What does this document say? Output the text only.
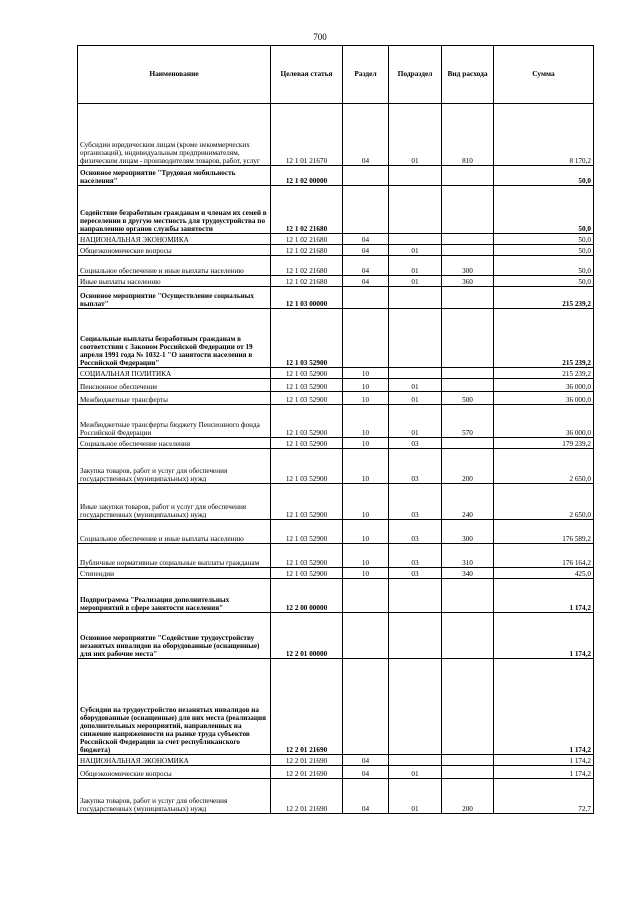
700
Наименование	Целевая статья	Раздел	Подраздел	Вид расхода	Сумма
Субсидии юридическим лицам (кроме некоммерческих организаций), индивидуальным предпринимателям, физическим лицам - производителям товаров, работ, услуг	12 1 01 21670	04	01	810	8 170,2
Основное мероприятие "Трудовая мобильность населения"	12 1 02 00000				50,0
Содействие безработным гражданам и членам их семей в переселении в другую местность для трудоустройства по направлению органов службы занятости	12 1 02 21680				50,0
НАЦИОНАЛЬНАЯ ЭКОНОМИКА	12 1 02 21680	04			50,0
Общеэкономические вопросы	12 1 02 21680	04	01		50,0
Социальное обеспечение и иные выплаты населению	12 1 02 21680	04	01	300	50,0
Иные выплаты населению	12 1 02 21680	04	01	360	50,0
Основное мероприятие "Осуществление социальных выплат"	12 1 03 00000				215 239,2
Социальные выплаты безработным гражданам в соответствии с Законом Российской Федерации от 19 апреля 1991 года № 1032-1 "О занятости населения в Российской Федерации"	12 1 03 52900				215 239,2
СОЦИАЛЬНАЯ ПОЛИТИКА	12 1 03 52900	10			215 239,2
Пенсионное обеспечение	12 1 03 52900	10	01		36 000,0
Межбюджетные трансферты	12 1 03 52900	10	01	500	36 000,0
Межбюджетные трансферты бюджету Пенсионного фонда Российской Федерации	12 1 03 52900	10	01	570	36 000,0
Социальное обеспечение населения	12 1 03 52900	10	03		179 239,2
Закупка товаров, работ и услуг для обеспечения государственных (муниципальных) нужд	12 1 03 52900	10	03	200	2 650,0
Иные закупки товаров, работ и услуг для обеспечения государственных (муниципальных) нужд	12 1 03 52900	10	03	240	2 650,0
Социальное обеспечение и иные выплаты населению	12 1 03 52900	10	03	300	176 589,2
Публичные нормативные социальные выплаты гражданам	12 1 03 52900	10	03	310	176 164,2
Стипендии	12 1 03 52900	10	03	340	425,0
Подпрограмма "Реализация дополнительных мероприятий в сфере занятости населения"	12 2 00 00000				1 174,2
Основное мероприятие "Содействие трудоустройству незанятых инвалидов на оборудованные (оснащенные) для них рабочие места"	12 2 01 00000				1 174,2
Субсидии на трудоустройство незанятых инвалидов на оборудованные (оснащенные) для них места (реализация дополнительных мероприятий, направленных на снижение напряженности на рынке труда субъектов Российской Федерации за счет республиканского бюджета)	12 2 01 21690				1 174,2
НАЦИОНАЛЬНАЯ ЭКОНОМИКА	12 2 01 21690	04			1 174,2
Общеэкономические вопросы	12 2 01 21690	04	01		1 174,2
Закупка товаров, работ и услуг для обеспечения государственных (муниципальных) нужд	12 2 01 21690	04	01	200	72,7
